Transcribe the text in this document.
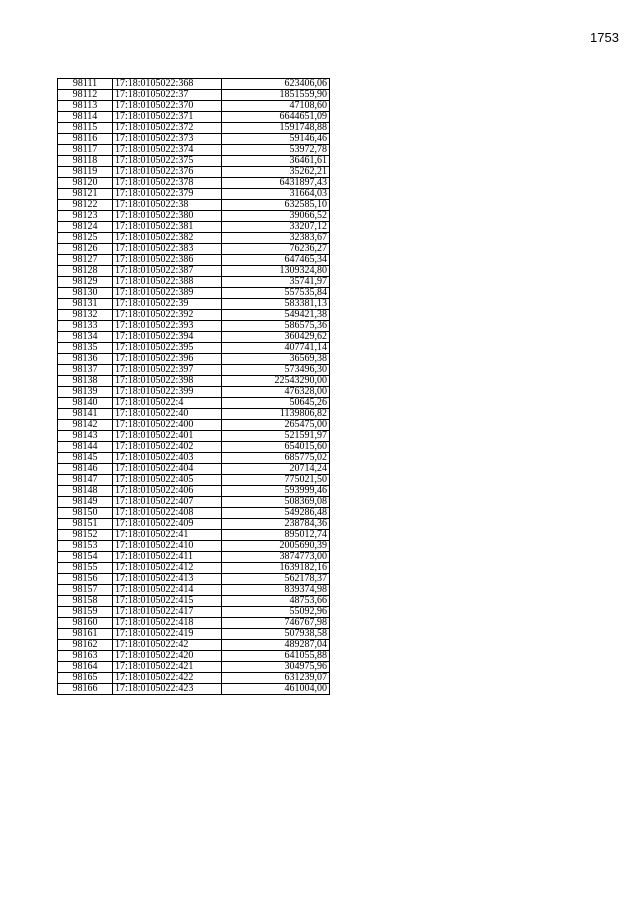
1753
98111	17:18:0105022:368	623406,06
98112	17:18:0105022:37	1851559,90
98113	17:18:0105022:370	47108,60
98114	17:18:0105022:371	6644651,09
98115	17:18:0105022:372	1591748,88
98116	17:18:0105022:373	59146,46
98117	17:18:0105022:374	53972,78
98118	17:18:0105022:375	36461,61
98119	17:18:0105022:376	35262,21
98120	17:18:0105022:378	6431897,43
98121	17:18:0105022:379	31664,03
98122	17:18:0105022:38	632585,10
98123	17:18:0105022:380	39066,52
98124	17:18:0105022:381	33207,12
98125	17:18:0105022:382	32383,67
98126	17:18:0105022:383	76236,27
98127	17:18:0105022:386	647465,34
98128	17:18:0105022:387	1309324,80
98129	17:18:0105022:388	35741,97
98130	17:18:0105022:389	557535,84
98131	17:18:0105022:39	583381,13
98132	17:18:0105022:392	549421,38
98133	17:18:0105022:393	586575,36
98134	17:18:0105022:394	360429,62
98135	17:18:0105022:395	407741,14
98136	17:18:0105022:396	36569,38
98137	17:18:0105022:397	573496,30
98138	17:18:0105022:398	22543290,00
98139	17:18:0105022:399	476328,00
98140	17:18:0105022:4	50645,26
98141	17:18:0105022:40	1139806,82
98142	17:18:0105022:400	265475,00
98143	17:18:0105022:401	521591,97
98144	17:18:0105022:402	654015,60
98145	17:18:0105022:403	685775,02
98146	17:18:0105022:404	20714,24
98147	17:18:0105022:405	775021,50
98148	17:18:0105022:406	593999,46
98149	17:18:0105022:407	508369,08
98150	17:18:0105022:408	549286,48
98151	17:18:0105022:409	238784,36
98152	17:18:0105022:41	895012,74
98153	17:18:0105022:410	2005690,39
98154	17:18:0105022:411	3874773,00
98155	17:18:0105022:412	1639182,16
98156	17:18:0105022:413	562178,37
98157	17:18:0105022:414	839374,98
98158	17:18:0105022:415	48753,66
98159	17:18:0105022:417	55092,96
98160	17:18:0105022:418	746767,98
98161	17:18:0105022:419	507938,58
98162	17:18:0105022:42	489287,04
98163	17:18:0105022:420	641055,88
98164	17:18:0105022:421	304975,96
98165	17:18:0105022:422	631239,07
98166	17:18:0105022:423	461004,00
